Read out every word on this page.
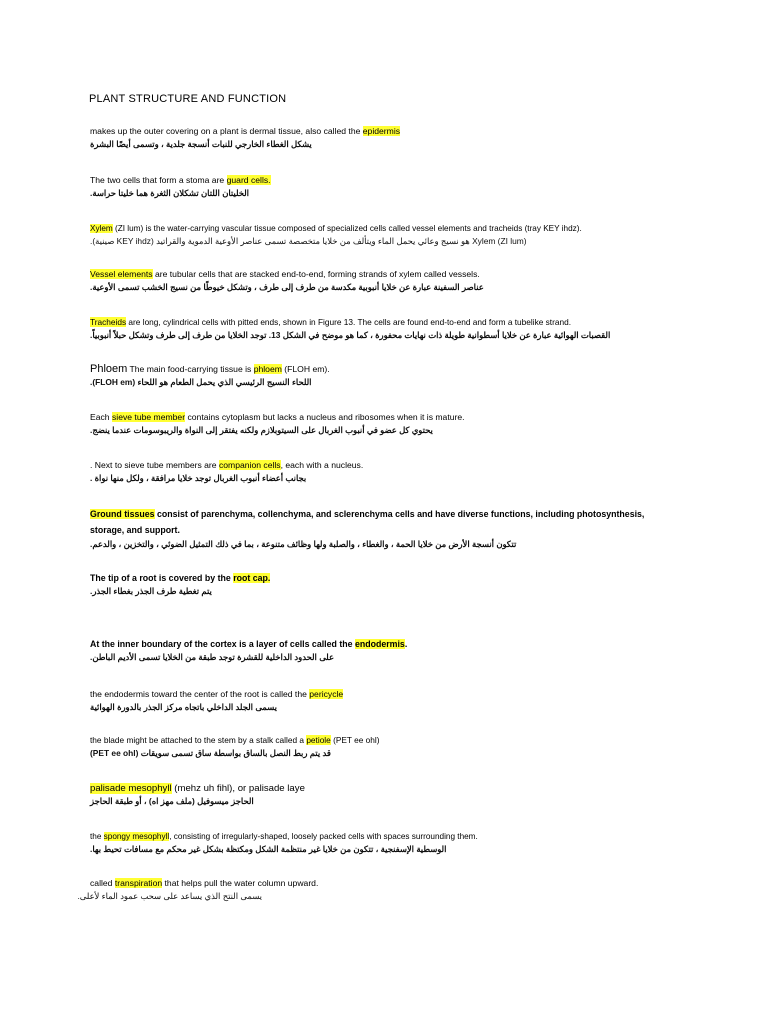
PLANT STRUCTURE AND FUNCTION
makes up the outer covering on a plant is dermal tissue, also called the epidermis
يشكل الغطاء الخارجي للنبات أنسجة جلدية ، وتسمى أيضًا البشرة
The two cells that form a stoma are guard cells.
الخليتان اللتان تشكلان الثغرة هما خليتا حراسة.
Xylem (ZI lum) is the water-carrying vascular tissue composed of specialized cells called vessel elements and tracheids (tray KEY ihdz).
Xylem (ZI lum) هو نسيج وعائي يحمل الماء ويتألف من خلايا متخصصة تسمى عناصر الأوعية الدموية والقراتيد (KEY ihdz صينية).
Vessel elements are tubular cells that are stacked end-to-end, forming strands of xylem called vessels.
عناصر السفينة عبارة عن خلايا أنبوبية مكدسة من طرف إلى طرف ، وتشكل خيوطًا من نسيج الخشب تسمى الأوعية.
Tracheids are long, cylindrical cells with pitted ends, shown in Figure 13. The cells are found end-to-end and form a tubelike strand.
القصبات الهوائية عبارة عن خلايا أسطوانية طويلة ذات نهايات محفورة ، كما هو موضح في الشكل 13. توجد الخلايا من طرف إلى طرف وتشكل حبلاً أنبوبياً.
Phloem The main food-carrying tissue is phloem (FLOH em).
اللحاء النسيج الرئيسي الذي يحمل الطعام هو اللحاء (FLOH em).
Each sieve tube member contains cytoplasm but lacks a nucleus and ribosomes when it is mature.
يحتوي كل عضو في أنبوب الغربال على السيتوبلازم ولكنه يفتقر إلى النواة والريبوسومات عندما ينضج.
. Next to sieve tube members are companion cells, each with a nucleus.
بجانب أعضاء أنبوب الغربال توجد خلايا مرافقة ، ولكل منها نواة .
Ground tissues consist of parenchyma, collenchyma, and sclerenchyma cells and have diverse functions, including photosynthesis, storage, and support.
تتكون أنسجة الأرض من خلايا الحمة ، والغطاء ، والصلبة ولها وظائف متنوعة ، بما في ذلك التمثيل الضوئي ، والتخزين ، والدعم.
The tip of a root is covered by the root cap.
يتم تغطية طرف الجذر بغطاء الجذر.
At the inner boundary of the cortex is a layer of cells called the endodermis.
على الحدود الداخلية للقشرة توجد طبقة من الخلايا تسمى الأديم الباطن.
the endodermis toward the center of the root is called the pericycle
يسمى الجلد الداخلي باتجاه مركز الجذر بالدورة الهوائية
the blade might be attached to the stem by a stalk called a petiole (PET ee ohl)
قد يتم ربط النصل بالساق بواسطة ساق تسمى سويقات (PET ee ohl)
palisade mesophyll (mehz uh fihl), or palisade laye
الحاجز ميسوفيل (ملف مهز اه) ، أو طبقة الحاجز
the spongy mesophyll, consisting of irregularly-shaped, loosely packed cells with spaces surrounding them.
الوسطية الإسفنجية ، تتكون من خلايا غير منتظمة الشكل ومكتظة بشكل غير محكم مع مسافات تحيط بها.
called transpiration that helps pull the water column upward.
يسمى النتح الذي يساعد على سحب عمود الماء لأعلى.
